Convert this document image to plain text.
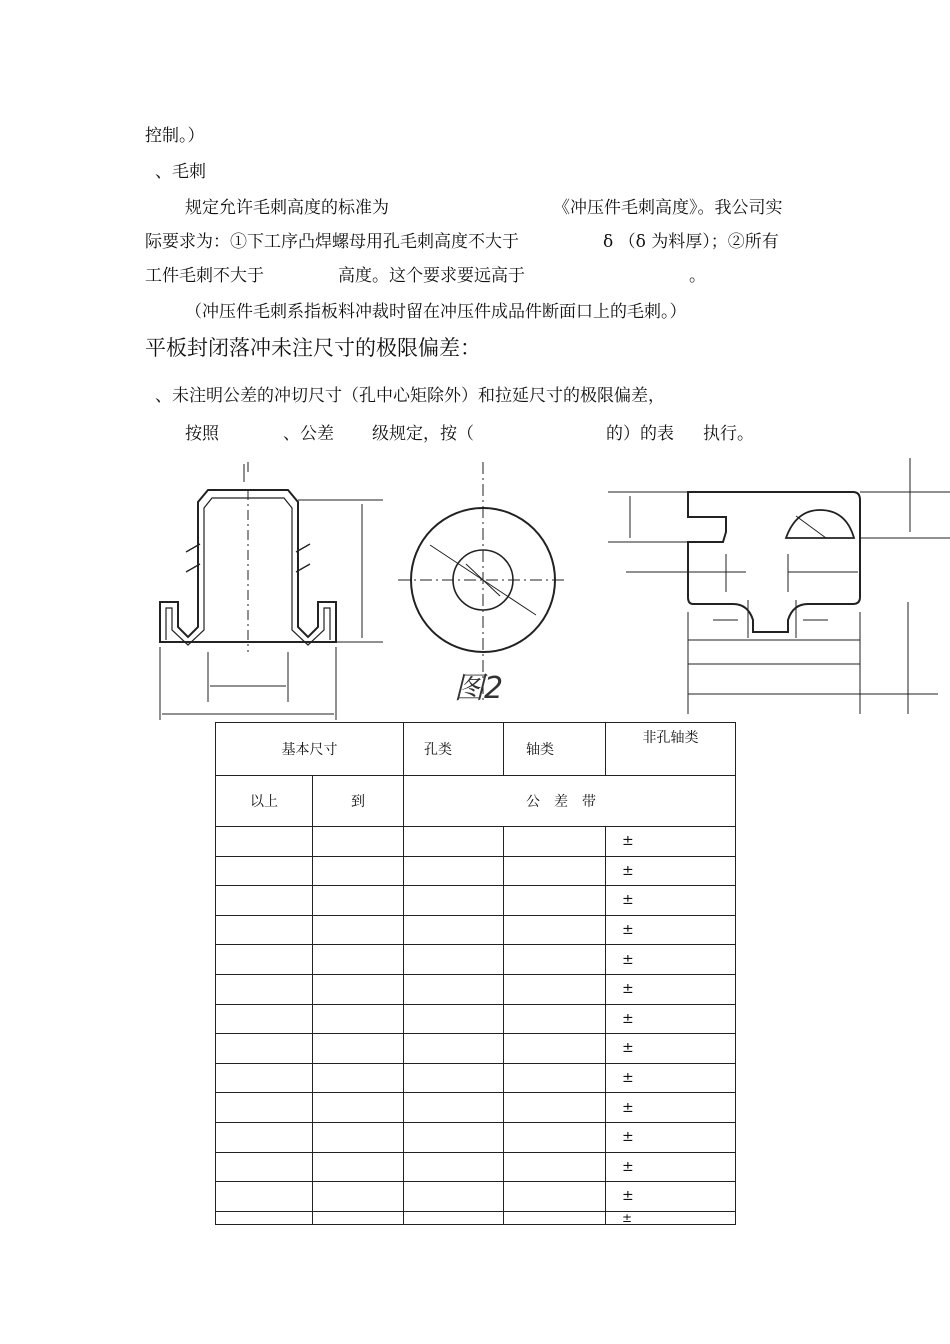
控制。）
、毛刺
规定允许毛刺高度的标准为	《冲压件毛刺高度》。我公司实
际要求为：①下工序凸焊螺母用孔毛刺高度不大于	δ （δ 为料厚）；②所有
工件毛刺不大于	高度。这个要求要远高于	。
（冲压件毛刺系指板料冲裁时留在冲压件成品件断面口上的毛刺。）
平板封闭落冲未注尺寸的极限偏差：
、未注明公差的冲切尺寸（孔中心矩除外）和拉延尺寸的极限偏差，
按照	、公差 级规定，按（	的）的表 执行。
图2
基本尺寸		孔类	轴类	非孔轴类
以上	到	公　差　带		
				±
				±
				±
				±
				±
				±
				±
				±
				±
				±
				±
				±
				±
				±
